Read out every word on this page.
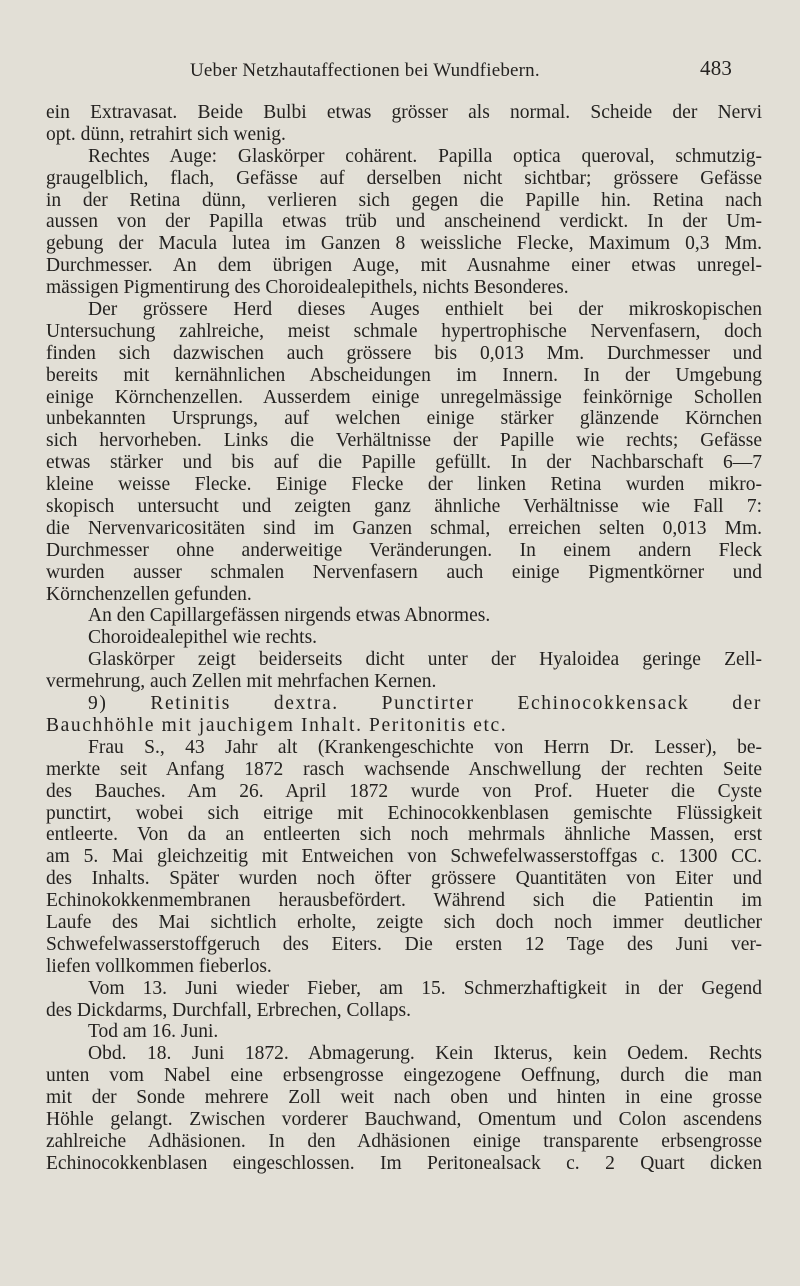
Ueber Netzhautaffectionen bei Wundfiebern.	483
ein Extravasat. Beide Bulbi etwas grösser als normal. Scheide der Nervi
opt. dünn, retrahirt sich wenig.
Rechtes Auge: Glaskörper cohärent. Papilla optica queroval, schmutzig-
graugelblich, flach, Gefässe auf derselben nicht sichtbar; grössere Gefässe
in der Retina dünn, verlieren sich gegen die Papille hin. Retina nach
aussen von der Papilla etwas trüb und anscheinend verdickt. In der Um-
gebung der Macula lutea im Ganzen 8 weissliche Flecke, Maximum 0,3 Mm.
Durchmesser. An dem übrigen Auge, mit Ausnahme einer etwas unregel-
mässigen Pigmentirung des Choroidealepithels, nichts Besonderes.
Der grössere Herd dieses Auges enthielt bei der mikroskopischen
Untersuchung zahlreiche, meist schmale hypertrophische Nervenfasern, doch
finden sich dazwischen auch grössere bis 0,013 Mm. Durchmesser und
bereits mit kernähnlichen Abscheidungen im Innern. In der Umgebung
einige Körnchenzellen. Ausserdem einige unregelmässige feinkörnige Schollen
unbekannten Ursprungs, auf welchen einige stärker glänzende Körnchen
sich hervorheben. Links die Verhältnisse der Papille wie rechts; Gefässe
etwas stärker und bis auf die Papille gefüllt. In der Nachbarschaft 6—7
kleine weisse Flecke. Einige Flecke der linken Retina wurden mikro-
skopisch untersucht und zeigten ganz ähnliche Verhältnisse wie Fall 7:
die Nervenvaricositäten sind im Ganzen schmal, erreichen selten 0,013 Mm.
Durchmesser ohne anderweitige Veränderungen. In einem andern Fleck
wurden ausser schmalen Nervenfasern auch einige Pigmentkörner und
Körnchenzellen gefunden.
An den Capillargefässen nirgends etwas Abnormes.
Choroidealepithel wie rechts.
Glaskörper zeigt beiderseits dicht unter der Hyaloidea geringe Zell-
vermehrung, auch Zellen mit mehrfachen Kernen.
9) Retinitis dextra. Punctirter Echinocokkensack der
Bauchhöhle mit jauchigem Inhalt. Peritonitis etc.
Frau S., 43 Jahr alt (Krankengeschichte von Herrn Dr. Lesser), be-
merkte seit Anfang 1872 rasch wachsende Anschwellung der rechten Seite
des Bauches. Am 26. April 1872 wurde von Prof. Hueter die Cyste
punctirt, wobei sich eitrige mit Echinocokkenblasen gemischte Flüssigkeit
entleerte. Von da an entleerten sich noch mehrmals ähnliche Massen, erst
am 5. Mai gleichzeitig mit Entweichen von Schwefelwasserstoffgas c. 1300 CC.
des Inhalts. Später wurden noch öfter grössere Quantitäten von Eiter und
Echinokokkenmembranen herausbefördert. Während sich die Patientin im
Laufe des Mai sichtlich erholte, zeigte sich doch noch immer deutlicher
Schwefelwasserstoffgeruch des Eiters. Die ersten 12 Tage des Juni ver-
liefen vollkommen fieberlos.
Vom 13. Juni wieder Fieber, am 15. Schmerzhaftigkeit in der Gegend
des Dickdarms, Durchfall, Erbrechen, Collaps.
Tod am 16. Juni.
Obd. 18. Juni 1872. Abmagerung. Kein Ikterus, kein Oedem. Rechts
unten vom Nabel eine erbsengrosse eingezogene Oeffnung, durch die man
mit der Sonde mehrere Zoll weit nach oben und hinten in eine grosse
Höhle gelangt. Zwischen vorderer Bauchwand, Omentum und Colon ascendens
zahlreiche Adhäsionen. In den Adhäsionen einige transparente erbsengrosse
Echinocokkenblasen eingeschlossen. Im Peritonealsack c. 2 Quart dicken
